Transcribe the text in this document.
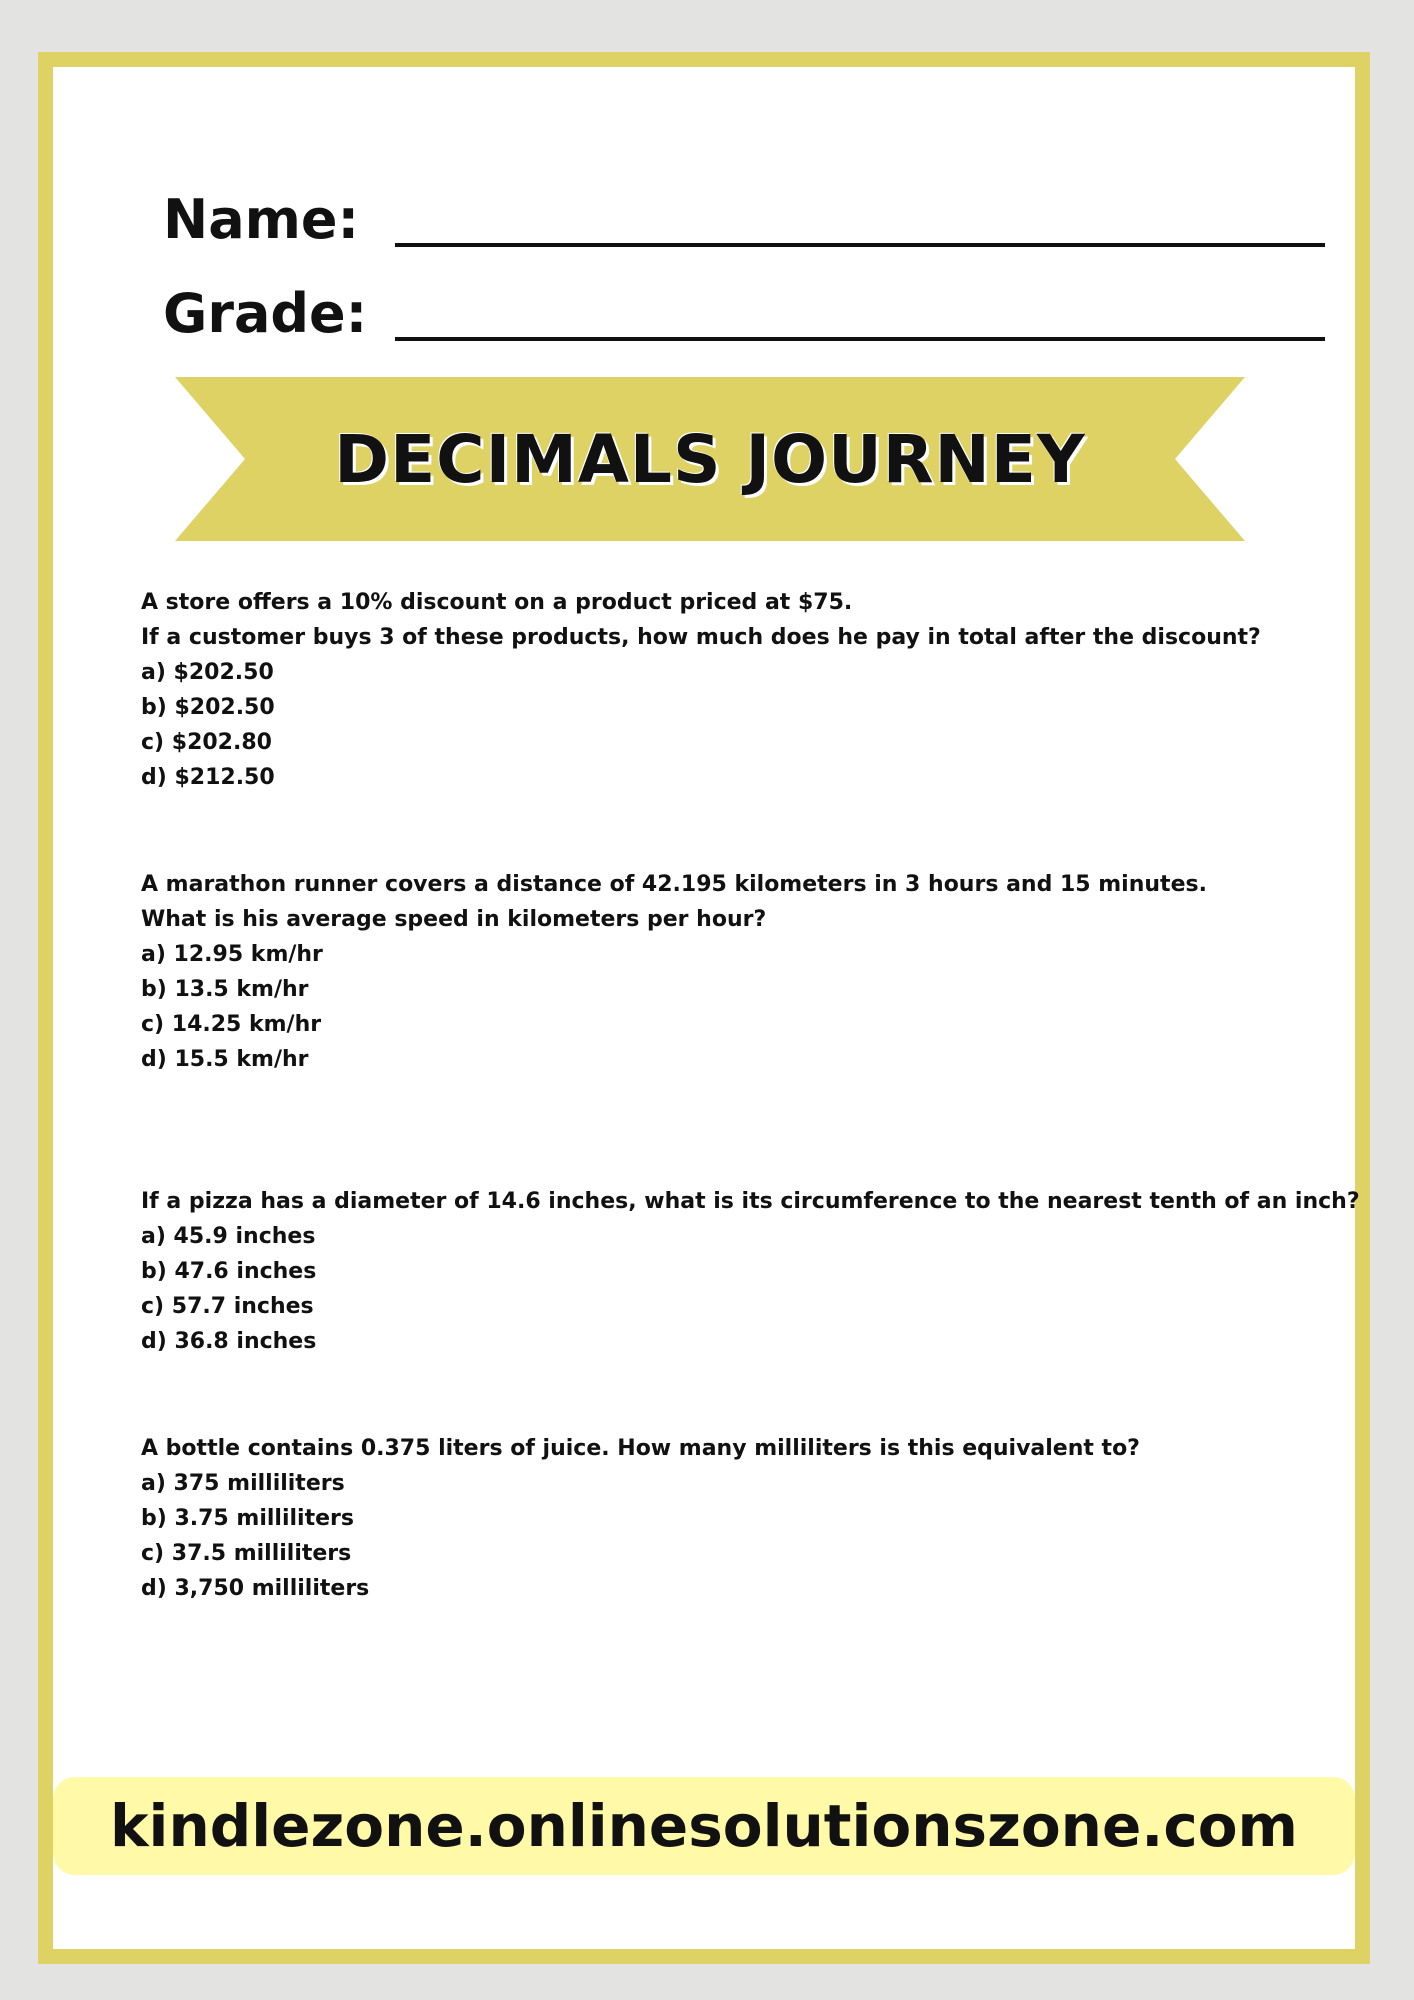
Name:
Grade:
DECIMALS JOURNEY
A store offers a 10% discount on a product priced at $75.
If a customer buys 3 of these products, how much does he pay in total after the discount?
a) $202.50
b) $202.50
c) $202.80
d) $212.50
A marathon runner covers a distance of 42.195 kilometers in 3 hours and 15 minutes.
What is his average speed in kilometers per hour?
a) 12.95 km/hr
b) 13.5 km/hr
c) 14.25 km/hr
d) 15.5 km/hr
If a pizza has a diameter of 14.6 inches, what is its circumference to the nearest tenth of an inch?
a) 45.9 inches
b) 47.6 inches
c) 57.7 inches
d) 36.8 inches
A bottle contains 0.375 liters of juice. How many milliliters is this equivalent to?
a) 375 milliliters
b) 3.75 milliliters
c) 37.5 milliliters
d) 3,750 milliliters
kindlezone.onlinesolutionszone.com
